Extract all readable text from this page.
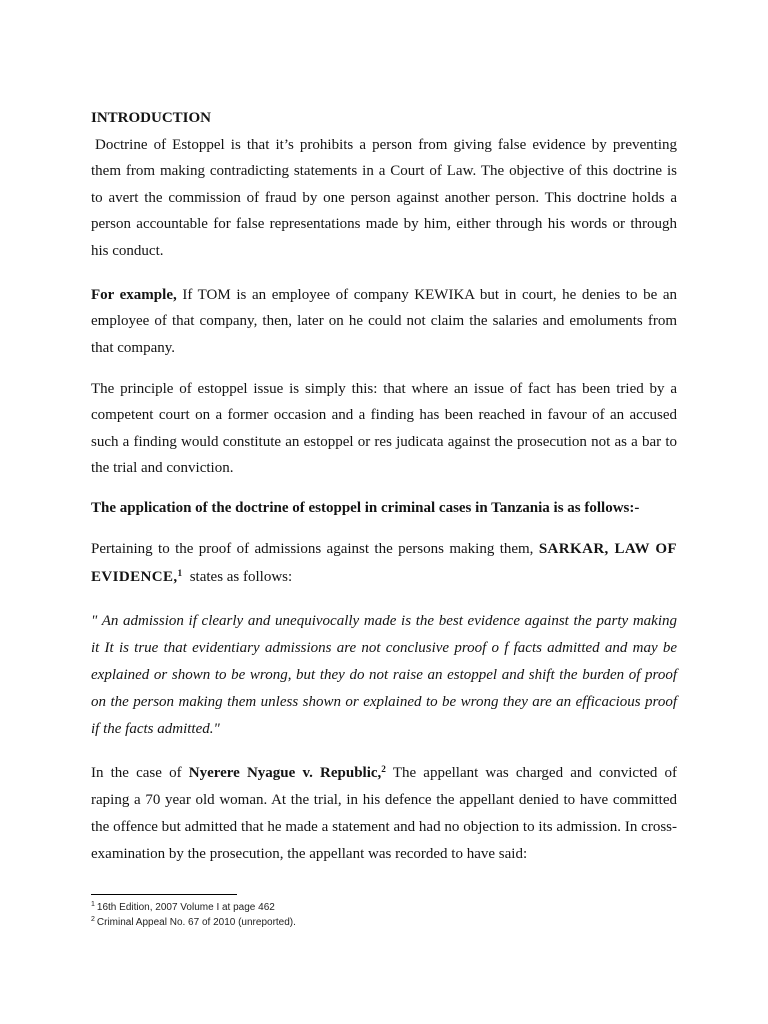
INTRODUCTION
Doctrine of Estoppel is that it’s prohibits a person from giving false evidence by preventing
them from making contradicting statements in a Court of Law. The objective of this doctrine is
to avert the commission of fraud by one person against another person. This doctrine holds a
person accountable for false representations made by him, either through his words or through
his conduct.
For example, If TOM is an employee of company KEWIKA but in court, he denies to be an
employee of that company, then, later on he could not claim the salaries and emoluments from
that company.
The principle of estoppel issue is simply this: that where an issue of fact has been tried by a
competent court on a former occasion and a finding has been reached in favour of an accused
such a finding would constitute an estoppel or res judicata against the prosecution not as a bar to
the trial and conviction.
The application of the doctrine of estoppel in criminal cases in Tanzania is as follows:-
Pertaining to the proof of admissions against the persons making them, SARKAR, LAW OF
EVIDENCE,$^1$ states as follows:
" An admission if clearly and unequivocally made is the best evidence against the party making
it It is true that evidentiary admissions are not conclusive proof o f facts admitted and may be
explained or shown to be wrong, but they do not raise an estoppel and shift the burden of proof
on the person making them unless shown or explained to be wrong they are an efficacious proof
if the facts admitted."
In the case of Nyerere Nyague v. Republic,$^2$ The appellant was charged and convicted of
raping a 70 year old woman. At the trial, in his defence the appellant denied to have committed
the offence but admitted that he made a statement and had no objection to its admission. In cross-
examination by the prosecution, the appellant was recorded to have said:
$^1$ 16th Edition, 2007 Volume I at page 462
$^2$ Criminal Appeal No. 67 of 2010 (unreported).
